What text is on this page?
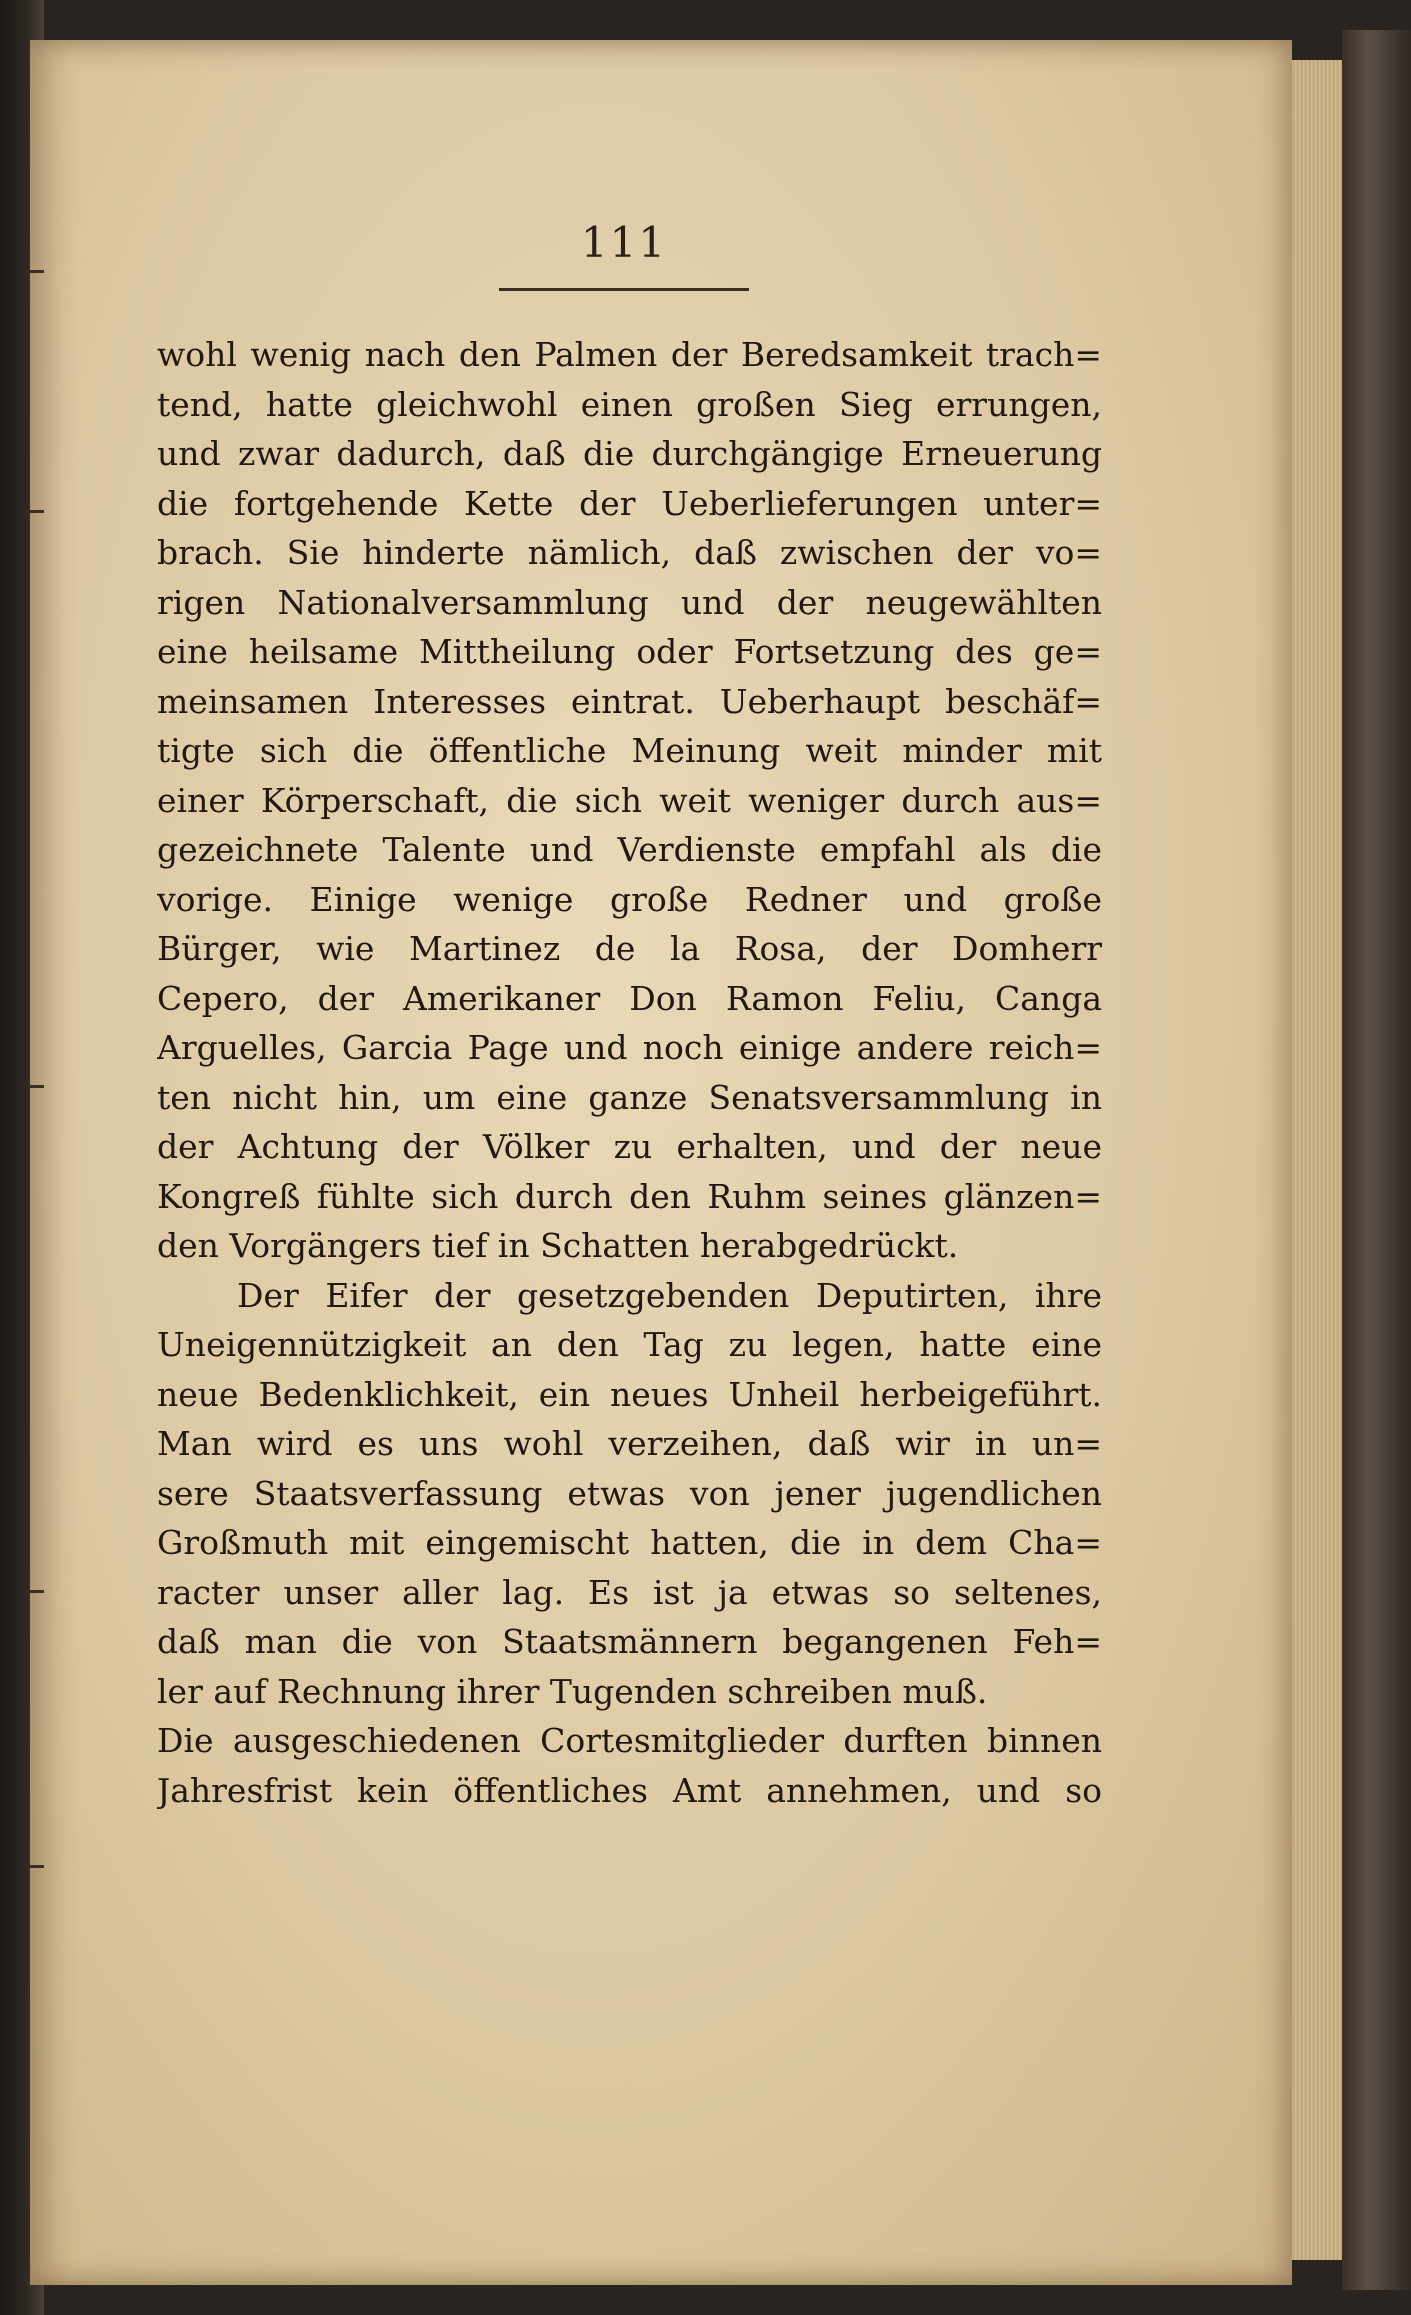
111
wohl wenig nach den Palmen der Beredsamkeit trach=
tend, hatte gleichwohl einen großen Sieg errungen,
und zwar dadurch, daß die durchgängige Erneuerung
die fortgehende Kette der Ueberlieferungen unter=
brach. Sie hinderte nämlich, daß zwischen der vo=
rigen Nationalversammlung und der neugewählten
eine heilsame Mittheilung oder Fortsetzung des ge=
meinsamen Interesses eintrat. Ueberhaupt beschäf=
tigte sich die öffentliche Meinung weit minder mit
einer Körperschaft, die sich weit weniger durch aus=
gezeichnete Talente und Verdienste empfahl als die
vorige. Einige wenige große Redner und große
Bürger, wie Martinez de la Rosa, der Domherr
Cepero, der Amerikaner Don Ramon Feliu, Canga
Arguelles, Garcia Page und noch einige andere reich=
ten nicht hin, um eine ganze Senatsversammlung in
der Achtung der Völker zu erhalten, und der neue
Kongreß fühlte sich durch den Ruhm seines glänzen=
den Vorgängers tief in Schatten herabgedrückt.
Der Eifer der gesetzgebenden Deputirten, ihre
Uneigennützigkeit an den Tag zu legen, hatte eine
neue Bedenklichkeit, ein neues Unheil herbeigeführt.
Man wird es uns wohl verzeihen, daß wir in un=
sere Staatsverfassung etwas von jener jugendlichen
Großmuth mit eingemischt hatten, die in dem Cha=
racter unser aller lag. Es ist ja etwas so seltenes,
daß man die von Staatsmännern begangenen Feh=
ler auf Rechnung ihrer Tugenden schreiben muß.
Die ausgeschiedenen Cortesmitglieder durften binnen
Jahresfrist kein öffentliches Amt annehmen, und so
